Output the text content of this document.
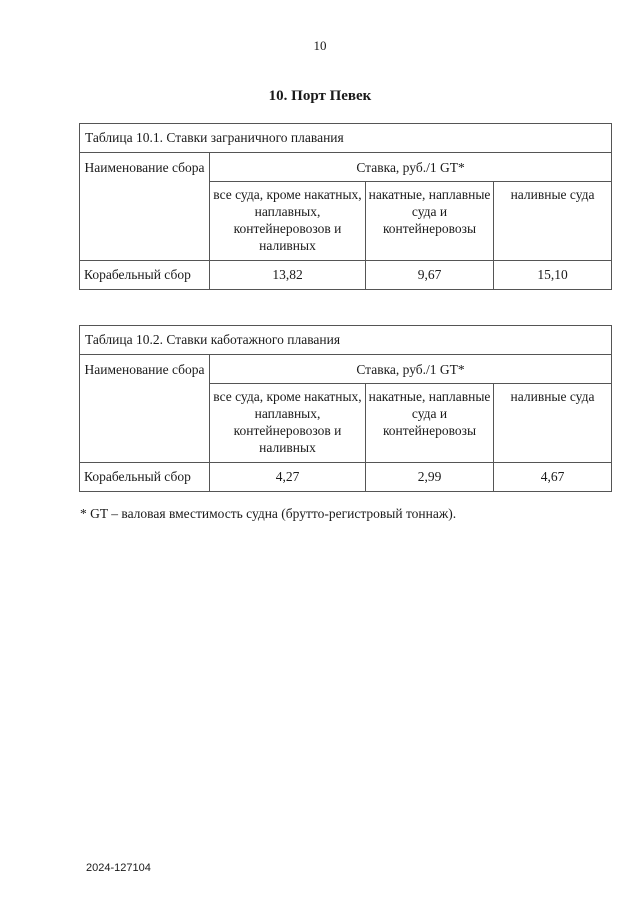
10
10. Порт Певек
Таблица 10.1. Ставки заграничного плавания			
Наименование сбора	Ставка, руб./1 GT*		
	все суда, кроме накатных, наплавных, контейнеровозов и наливных	накатные, наплавные суда и контейнеровозы	наливные суда
Корабельный сбор	13,82	9,67	15,10
Таблица 10.2. Ставки каботажного плавания			
Наименование сбора	Ставка, руб./1 GT*		
	все суда, кроме накатных, наплавных, контейнеровозов и наливных	накатные, наплавные суда и контейнеровозы	наливные суда
Корабельный сбор	4,27	2,99	4,67
* GT – валовая вместимость судна (брутто-регистровый тоннаж).
2024-127104
